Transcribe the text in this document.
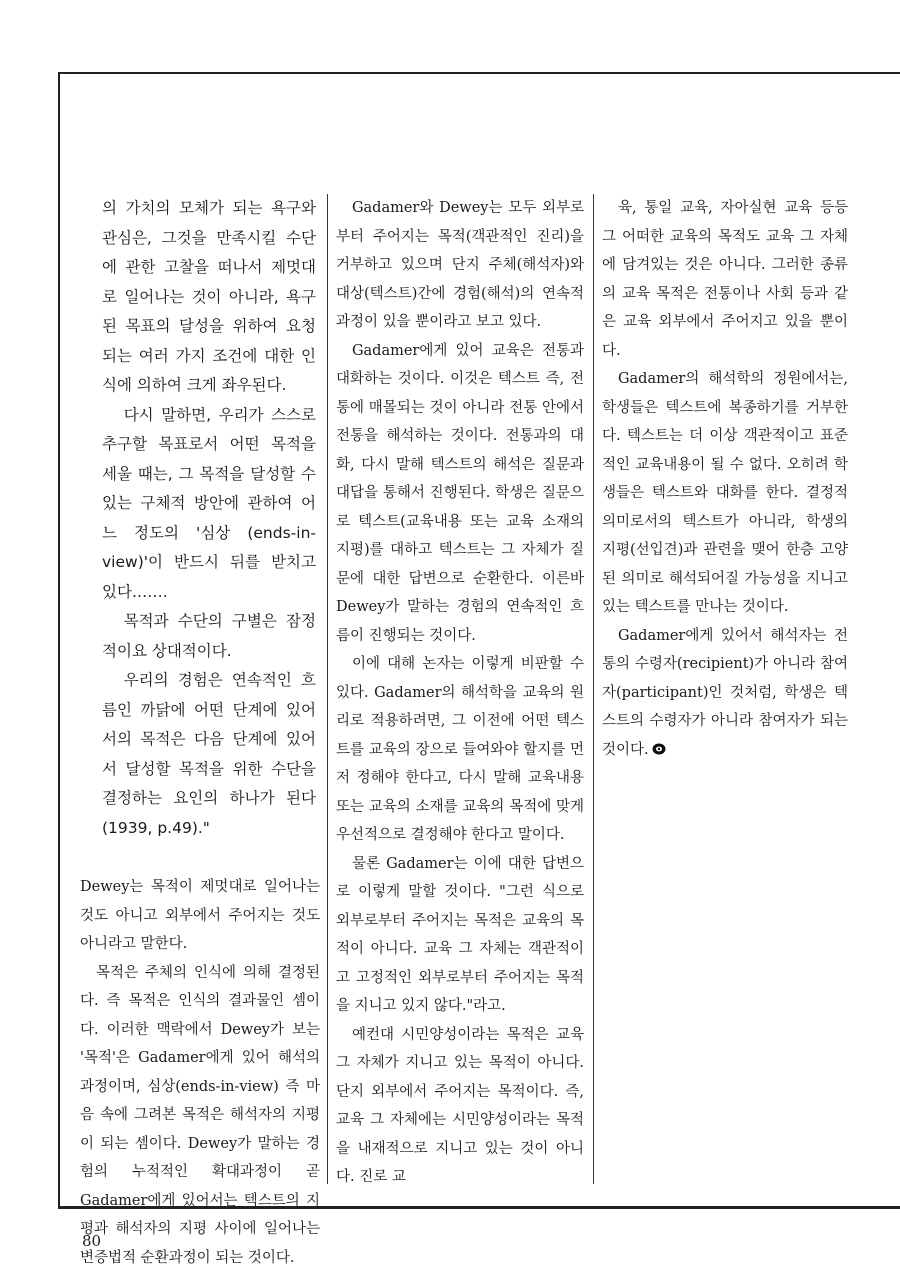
의 가치의 모체가 되는 욕구와 관심은, 그것을 만족시킬 수단에 관한 고찰을 떠나서 제멋대로 일어나는 것이 아니라, 욕구된 목표의 달성을 위하여 요청되는 여러 가지 조건에 대한 인식에 의하여 크게 좌우된다.

다시 말하면, 우리가 스스로 추구할 목표로서 어떤 목적을 세울 때는, 그 목적을 달성할 수 있는 구체적 방안에 관하여 어느 정도의 '심상 (ends-in-view)'이 반드시 뒤를 받치고 있다.……

목적과 수단의 구별은 잠정적이요 상대적이다.

우리의 경험은 연속적인 흐름인 까닭에 어떤 단계에 있어서의 목적은 다음 단계에 있어서 달성할 목적을 위한 수단을 결정하는 요인의 하나가 된다(1939, p.49)."

Dewey는 목적이 제멋대로 일어나는 것도 아니고 외부에서 주어지는 것도 아니라고 말한다.

목적은 주체의 인식에 의해 결정된다. 즉 목적은 인식의 결과물인 셈이다. 이러한 맥락에서 Dewey가 보는 '목적'은 Gadamer에게 있어 해석의 과정이며, 심상(ends-in-view) 즉 마음 속에 그려본 목적은 해석자의 지평이 되는 셈이다. Dewey가 말하는 경험의 누적적인 확대과정이 곧 Gadamer에게 있어서는 텍스트의 지평과 해석자의 지평 사이에 일어나는 변증법적 순환과정이 되는 것이다.

Gadamer와 Dewey는 모두 외부로부터 주어지는 목적(객관적인 진리)을 거부하고 있으며 단지 주체(해석자)와 대상(텍스트)간에 경험(해석)의 연속적 과정이 있을 뿐이라고 보고 있다.

Gadamer에게 있어 교육은 전통과 대화하는 것이다. 이것은 텍스트 즉, 전통에 매몰되는 것이 아니라 전통 안에서 전통을 해석하는 것이다. 전통과의 대화, 다시 말해 텍스트의 해석은 질문과 대답을 통해서 진행된다. 학생은 질문으로 텍스트(교육내용 또는 교육 소재의 지평)를 대하고 텍스트는 그 자체가 질문에 대한 답변으로 순환한다. 이른바 Dewey가 말하는 경험의 연속적인 흐름이 진행되는 것이다.

이에 대해 논자는 이렇게 비판할 수 있다. Gadamer의 해석학을 교육의 원리로 적용하려면, 그 이전에 어떤 텍스트를 교육의 장으로 들여와야 할지를 먼저 정해야 한다고, 다시 말해 교육내용 또는 교육의 소재를 교육의 목적에 맞게 우선적으로 결정해야 한다고 말이다.

물론 Gadamer는 이에 대한 답변으로 이렇게 말할 것이다. "그런 식으로 외부로부터 주어지는 목적은 교육의 목적이 아니다. 교육 그 자체는 객관적이고 고정적인 외부로부터 주어지는 목적을 지니고 있지 않다."라고.

예컨대 시민양성이라는 목적은 교육 그 자체가 지니고 있는 목적이 아니다. 단지 외부에서 주어지는 목적이다. 즉, 교육 그 자체에는 시민양성이라는 목적을 내재적으로 지니고 있는 것이 아니다. 진로 교

육, 통일 교육, 자아실현 교육 등등 그 어떠한 교육의 목적도 교육 그 자체에 담겨있는 것은 아니다. 그러한 종류의 교육 목적은 전통이나 사회 등과 같은 교육 외부에서 주어지고 있을 뿐이다.

Gadamer의 해석학의 정원에서는, 학생들은 텍스트에 복종하기를 거부한다. 텍스트는 더 이상 객관적이고 표준적인 교육내용이 될 수 없다. 오히려 학생들은 텍스트와 대화를 한다. 결정적 의미로서의 텍스트가 아니라, 학생의 지평(선입견)과 관련을 맺어 한층 고양된 의미로 해석되어질 가능성을 지니고 있는 텍스트를 만나는 것이다.

Gadamer에게 있어서 해석자는 전통의 수령자(recipient)가 아니라 참여자(participant)인 것처럼, 학생은 텍스트의 수령자가 아니라 참여자가 되는 것이다.

80
